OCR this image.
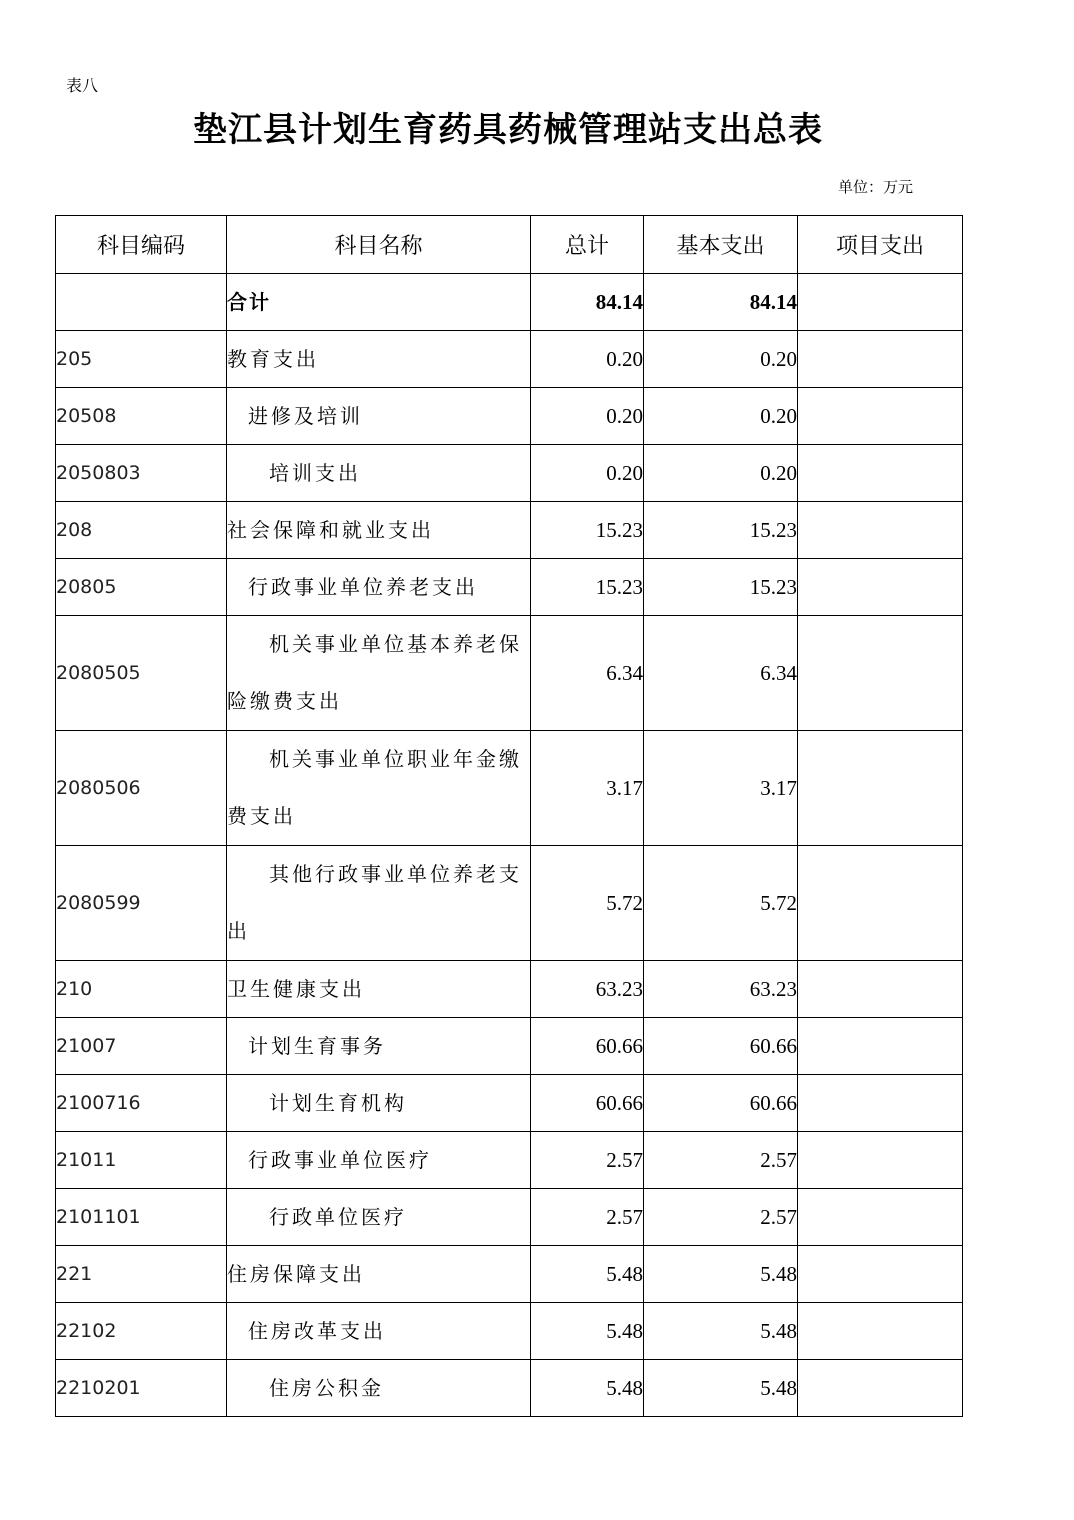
表八
垫江县计划生育药具药械管理站支出总表
单位：万元
科目编码	科目名称	总计	基本支出	项目支出
	合计	84.14	84.14	
205	教育支出	0.20	0.20	
20508	进修及培训	0.20	0.20	
2050803	培训支出	0.20	0.20	
208	社会保障和就业支出	15.23	15.23	
20805	行政事业单位养老支出	15.23	15.23	
2080505	机关事业单位基本养老保险缴费支出	6.34	6.34	
2080506	机关事业单位职业年金缴费支出	3.17	3.17	
2080599	其他行政事业单位养老支出	5.72	5.72	
210	卫生健康支出	63.23	63.23	
21007	计划生育事务	60.66	60.66	
2100716	计划生育机构	60.66	60.66	
21011	行政事业单位医疗	2.57	2.57	
2101101	行政单位医疗	2.57	2.57	
221	住房保障支出	5.48	5.48	
22102	住房改革支出	5.48	5.48	
2210201	住房公积金	5.48	5.48	
